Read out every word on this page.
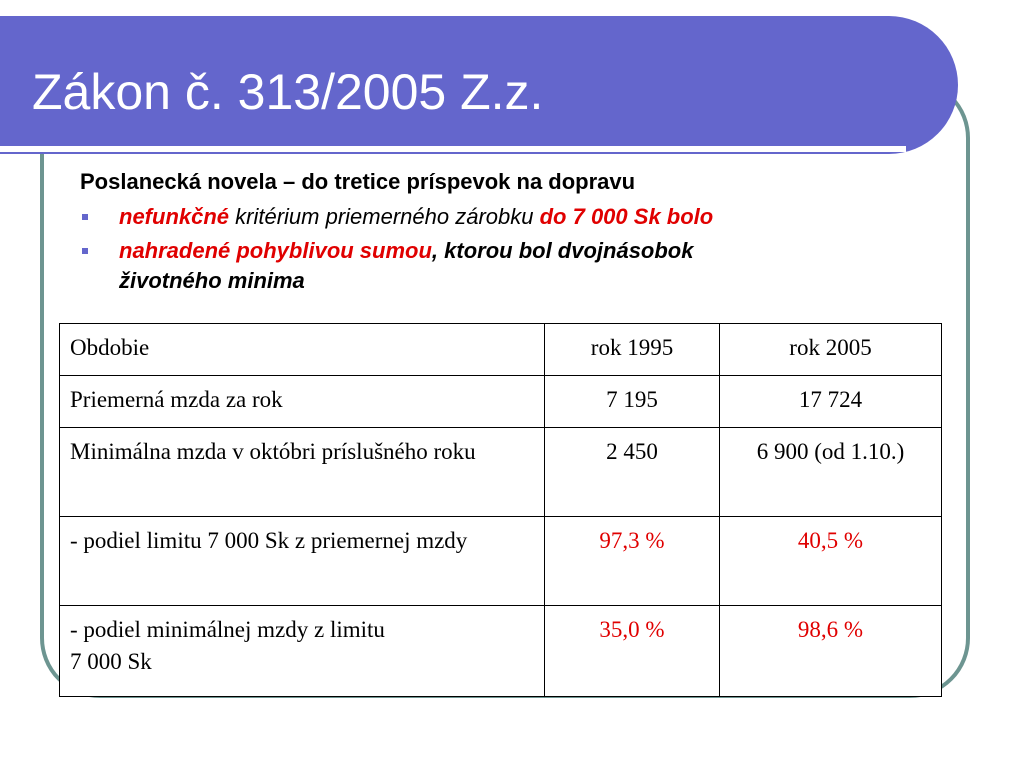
Zákon č. 313/2005 Z.z.
Poslanecká novela – do tretice príspevok na dopravu
nefunkčné kritérium priemerného zárobku do 7 000 Sk bolo
nahradené pohyblivou sumou, ktorou bol dvojnásobok
životného minima
Obdobie	rok 1995	rok 2005
Priemerná mzda za rok	7 195	17 724
Minimálna mzda v októbri príslušného roku	2 450	6 900 (od 1.10.)
- podiel limitu 7 000 Sk z priemernej mzdy	97,3 %	40,5 %
- podiel minimálnej mzdy z limitu
7 000 Sk	35,0 %	98,6 %
